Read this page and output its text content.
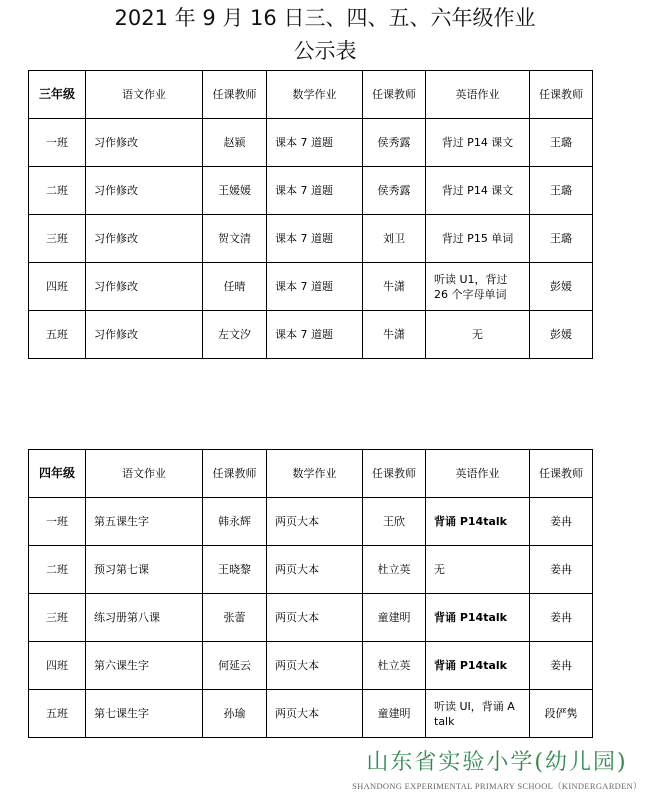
2021 年 9 月 16 日三、四、五、六年级作业
公示表
三年级	语文作业	任课教师	数学作业	任课教师	英语作业	任课教师
一班	习作修改	赵颍	课本 7 道题	侯秀露	背过 P14 课文	王璐
二班	习作修改	王媛媛	课本 7 道题	侯秀露	背过 P14 课文	王璐
三班	习作修改	贺文清	课本 7 道题	刘卫	背过 P15 单词	王璐
四班	习作修改	任晴	课本 7 道题	牛潇	听读 U1，背过 26 个字母单词	彭媛
五班	习作修改	左文汐	课本 7 道题	牛潇	无	彭媛
四年级	语文作业	任课教师	数学作业	任课教师	英语作业	任课教师
一班	第五课生字	韩永辉	两页大本	王欣	背诵 P14talk	姜冉
二班	预习第七课	王晓黎	两页大本	杜立英	无	姜冉
三班	练习册第八课	张蕾	两页大本	童建明	背诵 P14talk	姜冉
四班	第六课生字	何延云	两页大本	杜立英	背诵 P14talk	姜冉
五班	第七课生字	孙瑜	两页大本	童建明	听读 UI，背诵 A talk	段俨隽
山东省实验小学(幼儿园)
SHANDONG EXPERIMENTAL PRIMARY SCHOOL（KINDERGARDEN）
